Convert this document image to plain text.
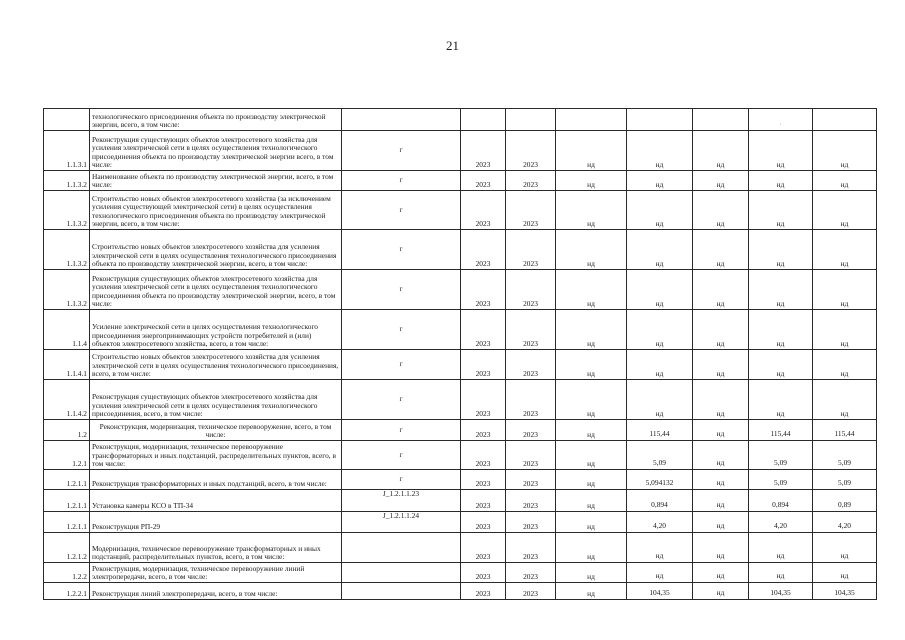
21
	технологического присоединения объекта по производству электрической энергии, всего, в том числе:							·	
1.1.3.1	Реконструкция существующих объектов электросетевого хозяйства для усиления электрической сети в целях осуществления технологического присоединения объекта по производству электрической энергии всего, в том числе:	г	2023	2023	нд	нд	нд	нд	нд
1.1.3.2	Наименование объекта по производству электрической энергии, всего, в том числе:	г	2023	2023	нд	нд	нд	нд	нд
1.1.3.2	Строительство новых объектов электросетевого хозяйства (за исключением усиления существующей электрической сети) в целях осуществления технологического присоединения объекта по производству электрической энергии, всего, в том числе:	г	2023	2023	нд	нд	нд	нд	нд
1.1.3.2	Строительство новых объектов электросетевого хозяйства для усиления электрической сети в целях осуществления технологического присоединения объекта по производству электрической энергии, всего, в том числе:	г	2023	2023	нд	нд	нд	нд	нд
1.1.3.2	Реконструкция существующих объектов электросетевого хозяйства для усиления электрической сети в целях осуществления технологического присоединения объекта по производству электрической энергии, всего, в том числе:	г	2023	2023	нд	нд	нд	нд	нд
1.1.4	Усиление электрической сети в целях осуществления технологического присоединения энергопринимающих устройств потребителей и (или) объектов электросетевого хозяйства, всего, в том числе:	г	2023	2023	нд	нд	нд	нд	нд
1.1.4.1	Строительство новых объектов электросетевого хозяйства для усиления электрической сети в целях осуществления технологического присоединения, всего, в том числе:	г	2023	2023	нд	нд	нд	нд	нд
1.1.4.2	Реконструкция существующих объектов электросетевого хозяйства для усиления электрической сети в целях осуществления технологического присоединения, всего, в том числе:	г	2023	2023	нд	нд	нд	нд	нд
1.2	Реконструкция, модернизация, техническое перевооружение, всего, в том числе:	г	2023	2023	нд	115,44	нд	115,44	115,44
1.2.1	Реконструкция, модернизация, техническое перевооружение трансформаторных и иных подстанций, распределительных пунктов, всего, в том числе:	г	2023	2023	нд	5,09	нд	5,09	5,09
1.2.1.1	Реконструкция трансформаторных и иных подстанций, всего, в том числе:	г	2023	2023	нд	5,094132	нд	5,09	5,09
1.2.1.1	Установка камеры КСО в ТП-34	J_1.2.1.1.23	2023	2023	нд	0,894	нд	0,894	0,89
1.2.1.1	Реконструкция РП-29	J_1.2.1.1.24	2023	2023	нд	4,20	нд	4,20	4,20
1.2.1.2	Модернизация, техническое перевооружение трансформаторных и иных подстанций, распределительных пунктов, всего, в том числе:		2023	2023	нд	нд	нд	нд	нд
1.2.2	Реконструкция, модернизация, техническое перевооружение линий электропередачи, всего, в том числе:		2023	2023	нд	нд	нд	нд	нд
1.2.2.1	Реконструкция линий электропередачи, всего, в том числе:		2023	2023	нд	104,35	нд	104,35	104,35
